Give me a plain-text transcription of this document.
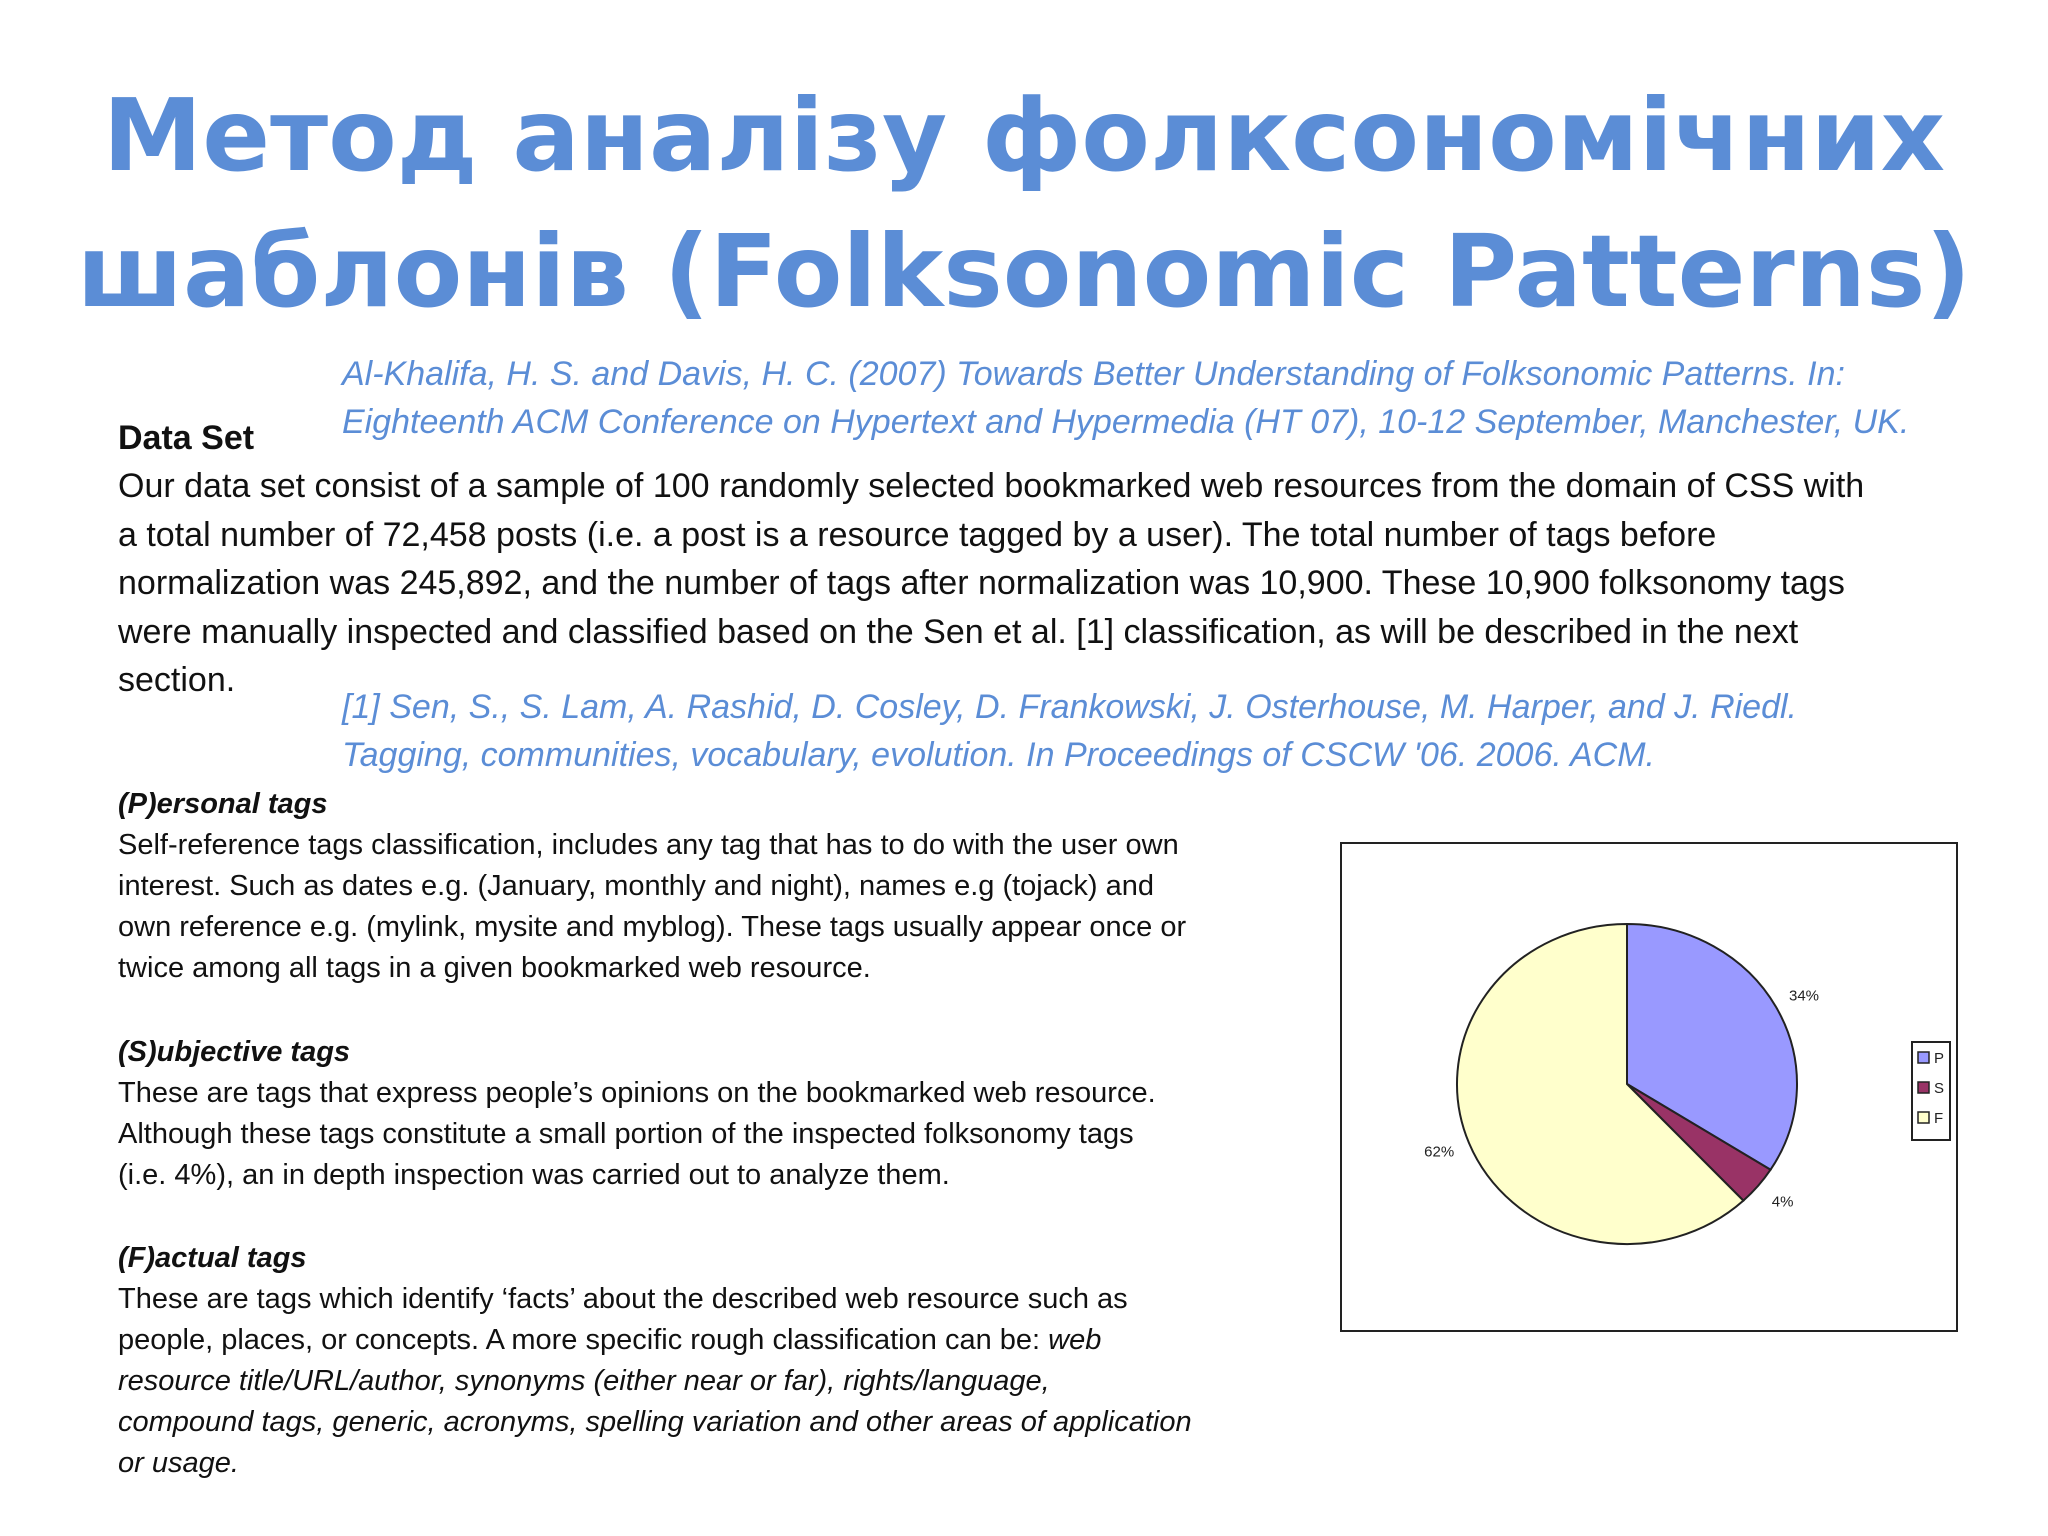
Метод аналізу фолксономічних
шаблонів (Folksonomic Patterns)

Al-Khalifa, H. S. and Davis, H. C. (2007) Towards Better Understanding of Folksonomic Patterns. In:
Eighteenth ACM Conference on Hypertext and Hypermedia (HT 07), 10-12 September, Manchester, UK.

Data Set

Our data set consist of a sample of 100 randomly selected bookmarked web resources from the domain of CSS with
a total number of 72,458 posts (i.e. a post is a resource tagged by a user). The total number of tags before
normalization was 245,892, and the number of tags after normalization was 10,900. These 10,900 folksonomy tags
were manually inspected and classified based on the Sen et al. [1] classification, as will be described in the next
section.

[1] Sen, S., S. Lam, A. Rashid, D. Cosley, D. Frankowski, J. Osterhouse, M. Harper, and J. Riedl.
Tagging, communities, vocabulary, evolution. In Proceedings of CSCW '06. 2006. ACM.

(P)ersonal tags
Self-reference tags classification, includes any tag that has to do with the user own
interest. Such as dates e.g. (January, monthly and night), names e.g (tojack) and
own reference e.g. (mylink, mysite and myblog). These tags usually appear once or
twice among all tags in a given bookmarked web resource.
(S)ubjective tags
These are tags that express people’s opinions on the bookmarked web resource.
Although these tags constitute a small portion of the inspected folksonomy tags
(i.e. 4%), an in depth inspection was carried out to analyze them.
(F)actual tags
These are tags which identify ‘facts’ about the described web resource such as
people, places, or concepts. A more specific rough classification can be: web
resource title/URL/author, synonyms (either near or far), rights/language,
compound tags, generic, acronyms, spelling variation and other areas of application
or usage.
34%
4%
62%
P
S
F
